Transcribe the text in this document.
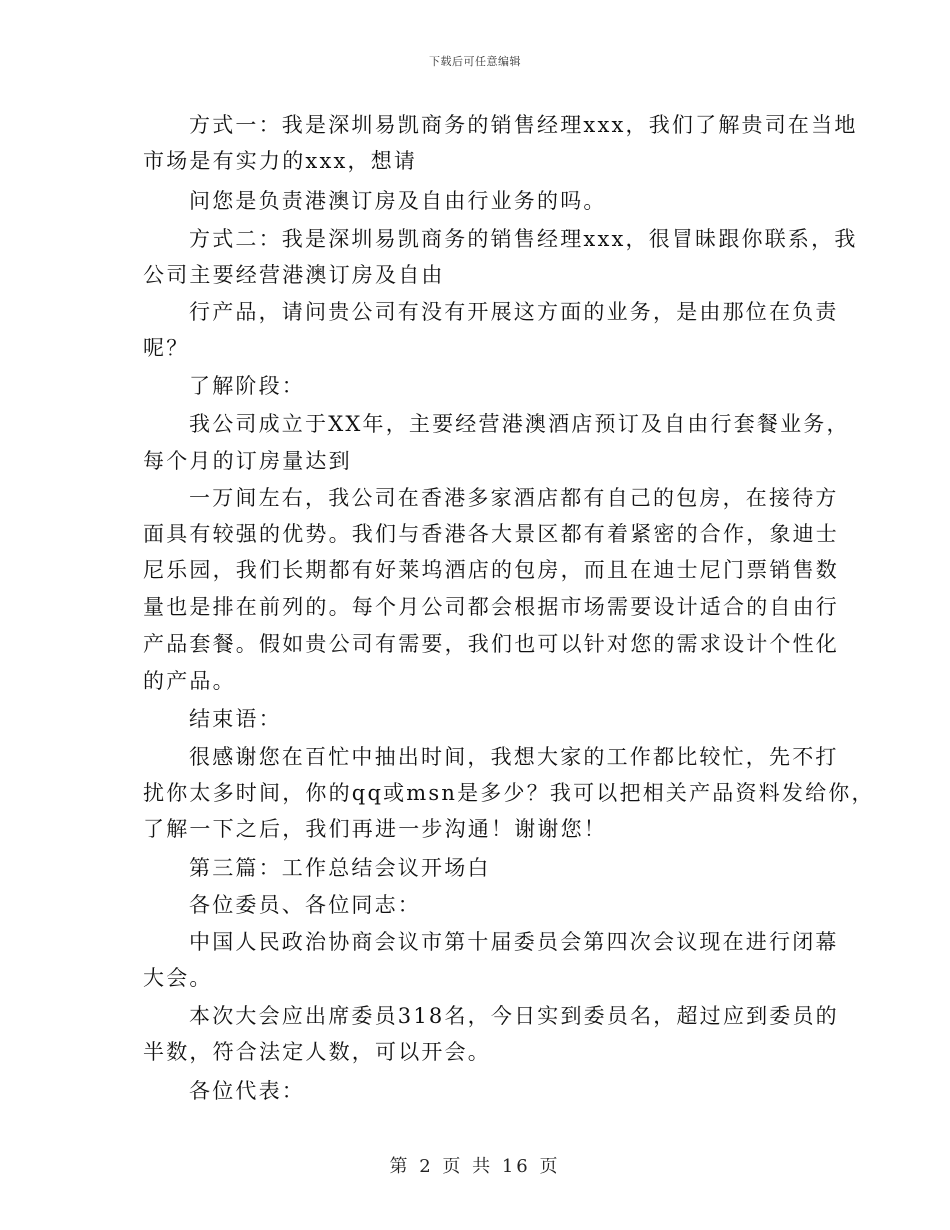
下载后可任意编辑
方式一：我是深圳易凯商务的销售经理xxx，我们了解贵司在当地
市场是有实力的xxx，想请
问您是负责港澳订房及自由行业务的吗。
方式二：我是深圳易凯商务的销售经理xxx，很冒昧跟你联系，我
公司主要经营港澳订房及自由
行产品，请问贵公司有没有开展这方面的业务，是由那位在负责
呢？
了解阶段：
我公司成立于XX年，主要经营港澳酒店预订及自由行套餐业务，
每个月的订房量达到
一万间左右，我公司在香港多家酒店都有自己的包房，在接待方
面具有较强的优势。我们与香港各大景区都有着紧密的合作，象迪士
尼乐园，我们长期都有好莱坞酒店的包房，而且在迪士尼门票销售数
量也是排在前列的。每个月公司都会根据市场需要设计适合的自由行
产品套餐。假如贵公司有需要，我们也可以针对您的需求设计个性化
的产品。
结束语：
很感谢您在百忙中抽出时间，我想大家的工作都比较忙，先不打
扰你太多时间，你的qq或msn是多少？我可以把相关产品资料发给你，
了解一下之后，我们再进一步沟通！谢谢您！
第三篇：工作总结会议开场白
各位委员、各位同志：
中国人民政治协商会议市第十届委员会第四次会议现在进行闭幕
大会。
本次大会应出席委员318名，今日实到委员名，超过应到委员的
半数，符合法定人数，可以开会。
各位代表：
第 2 页 共 16 页
